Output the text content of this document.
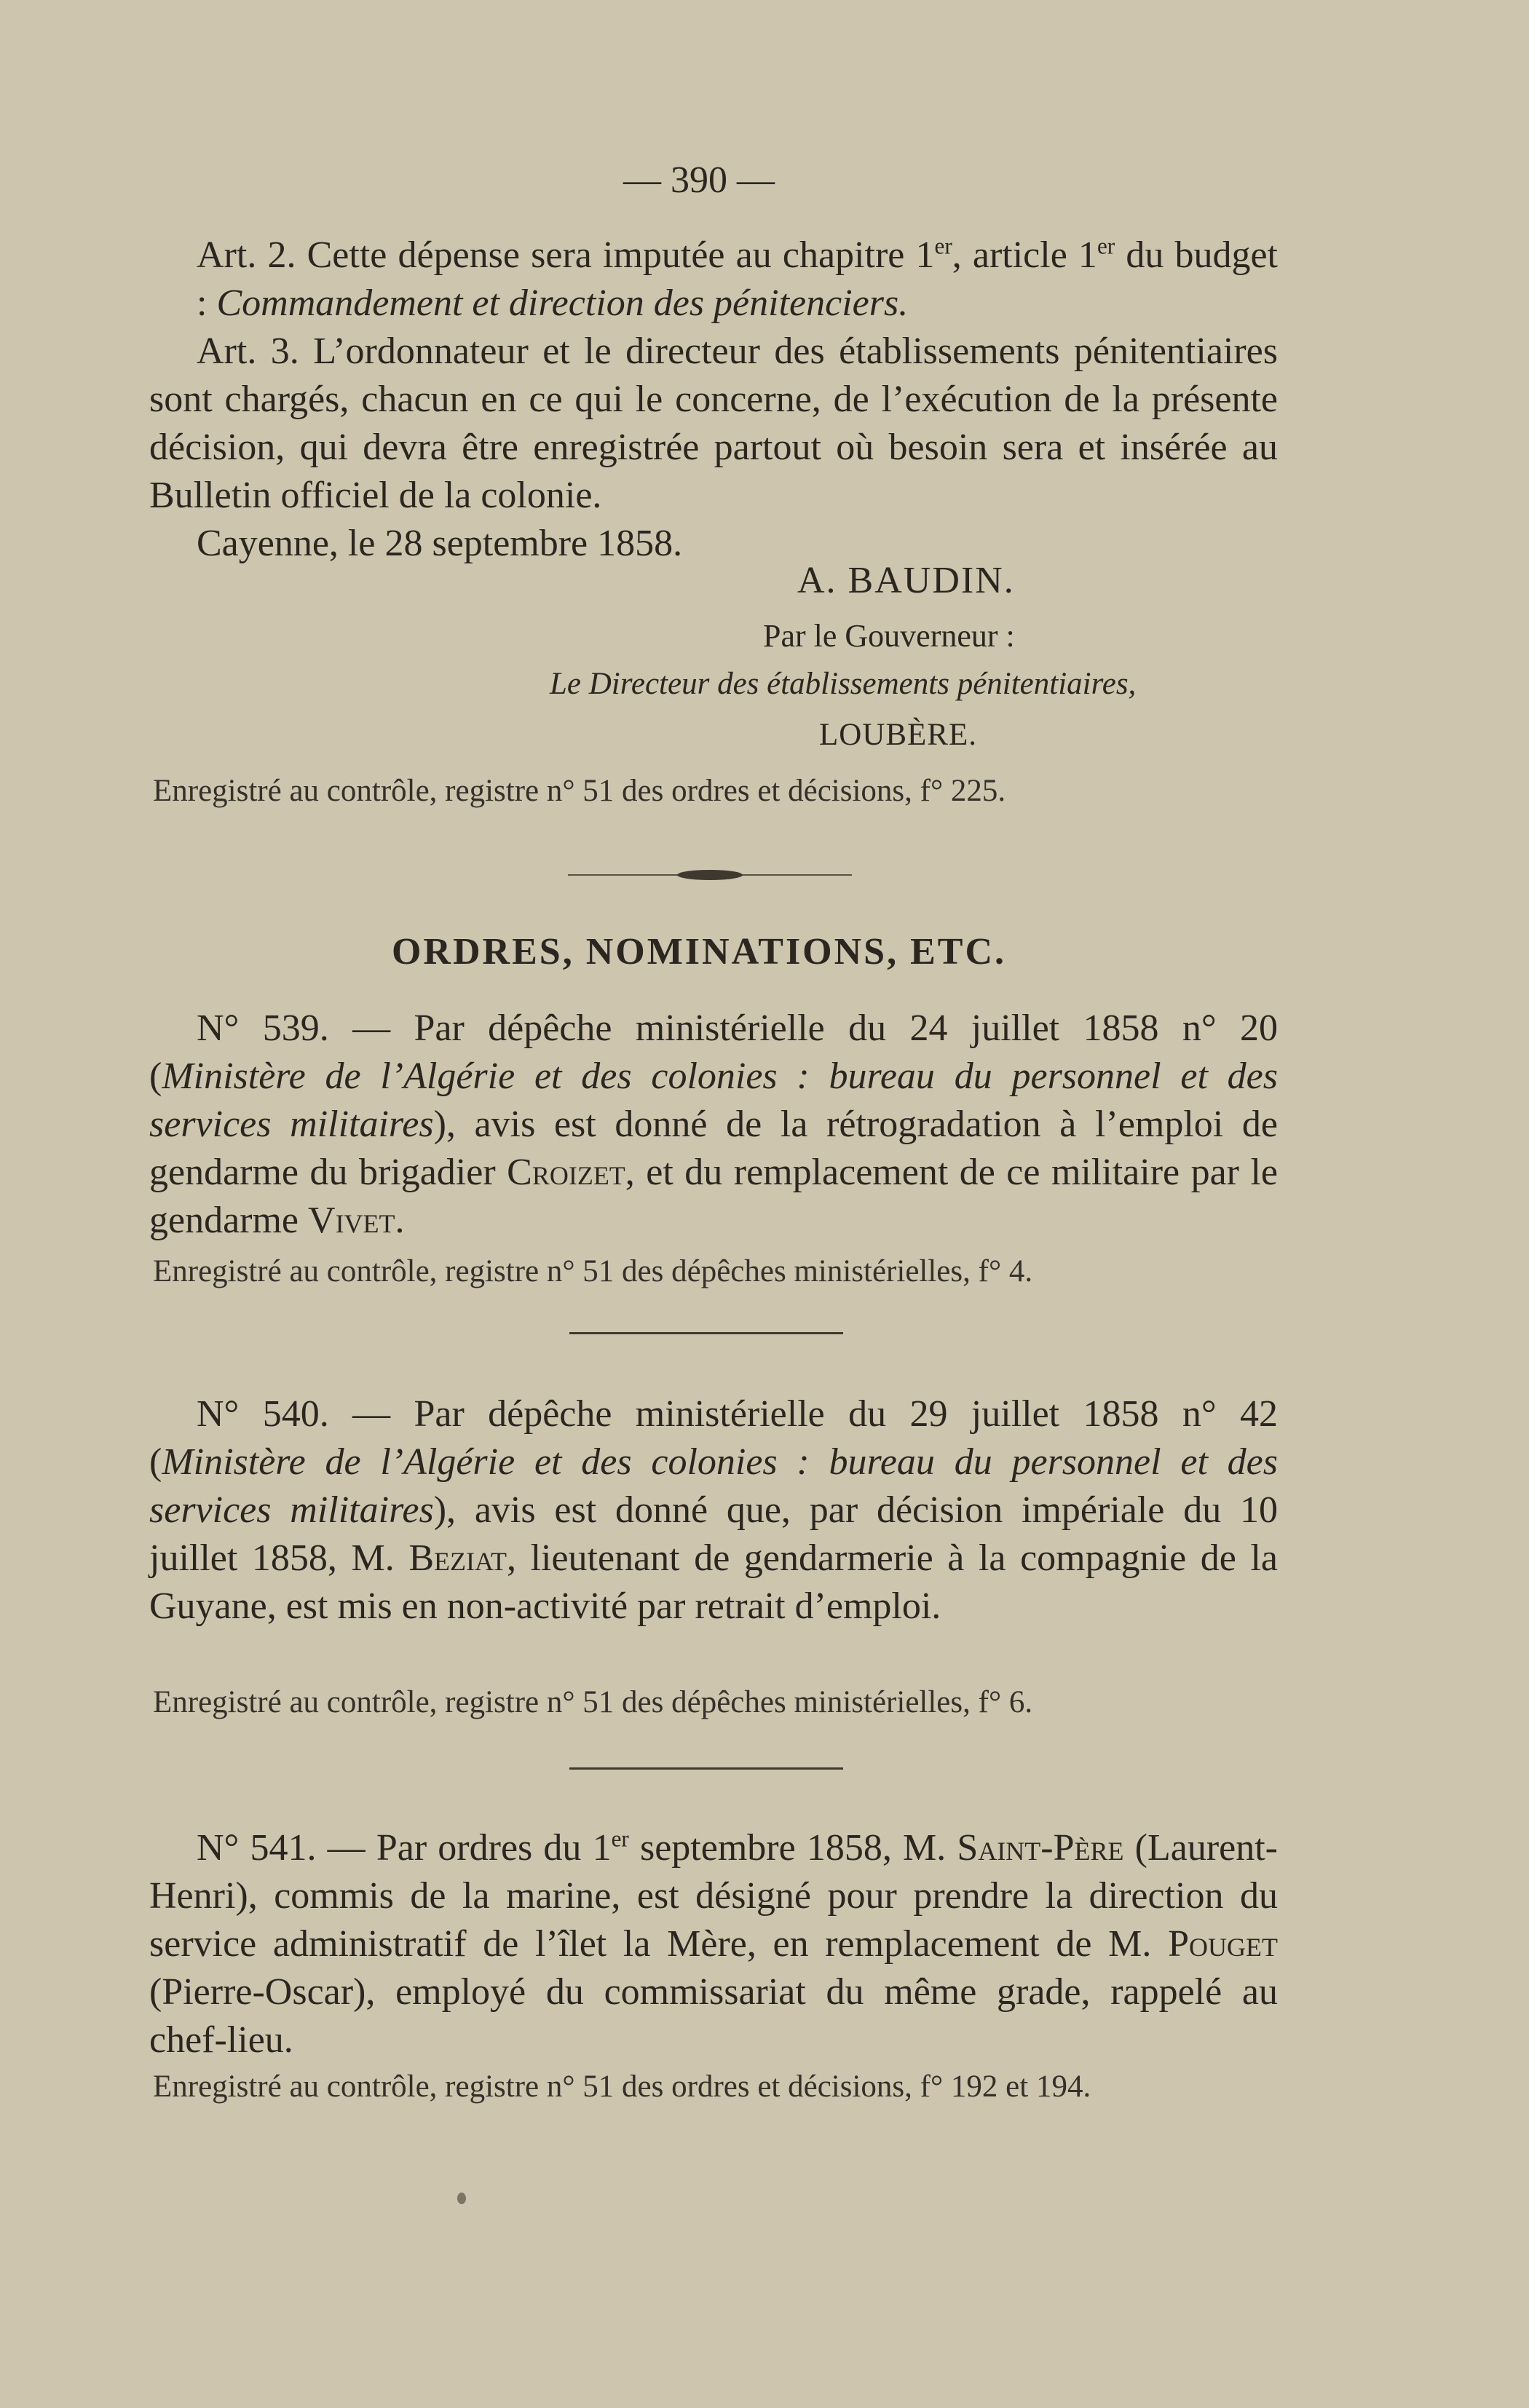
— 390 —
Art. 2. Cette dépense sera imputée au chapitre 1er, article 1er du budget : Commandement et direction des pénitenciers.
Art. 3. L’ordonnateur et le directeur des établissements pénitentiaires sont chargés, chacun en ce qui le concerne, de l’exécution de la présente décision, qui devra être enregistrée partout où besoin sera et insérée au Bulletin officiel de la colonie.
Cayenne, le 28 septembre 1858.
A. BAUDIN.
Par le Gouverneur :
Le Directeur des établissements pénitentiaires,
LOUBÈRE.
Enregistré au contrôle, registre n° 51 des ordres et décisions, f° 225.
ORDRES, NOMINATIONS, ETC.
N° 539. — Par dépêche ministérielle du 24 juillet 1858 n° 20 (Ministère de l’Algérie et des colonies : bureau du personnel et des services militaires), avis est donné de la rétrogradation à l’emploi de gendarme du brigadier Croizet, et du remplacement de ce militaire par le gendarme Vivet.
Enregistré au contrôle, registre n° 51 des dépêches ministérielles, f° 4.
N° 540. — Par dépêche ministérielle du 29 juillet 1858 n° 42 (Ministère de l’Algérie et des colonies : bureau du personnel et des services militaires), avis est donné que, par décision impériale du 10 juillet 1858, M. Beziat, lieutenant de gendarmerie à la compagnie de la Guyane, est mis en non-activité par retrait d’emploi.
Enregistré au contrôle, registre n° 51 des dépêches ministérielles, f° 6.
N° 541. — Par ordres du 1er septembre 1858, M. Saint-Père (Laurent-Henri), commis de la marine, est désigné pour prendre la direction du service administratif de l’îlet la Mère, en remplacement de M. Pouget (Pierre-Oscar), employé du commissariat du même grade, rappelé au chef-lieu.
Enregistré au contrôle, registre n° 51 des ordres et décisions, f° 192 et 194.
